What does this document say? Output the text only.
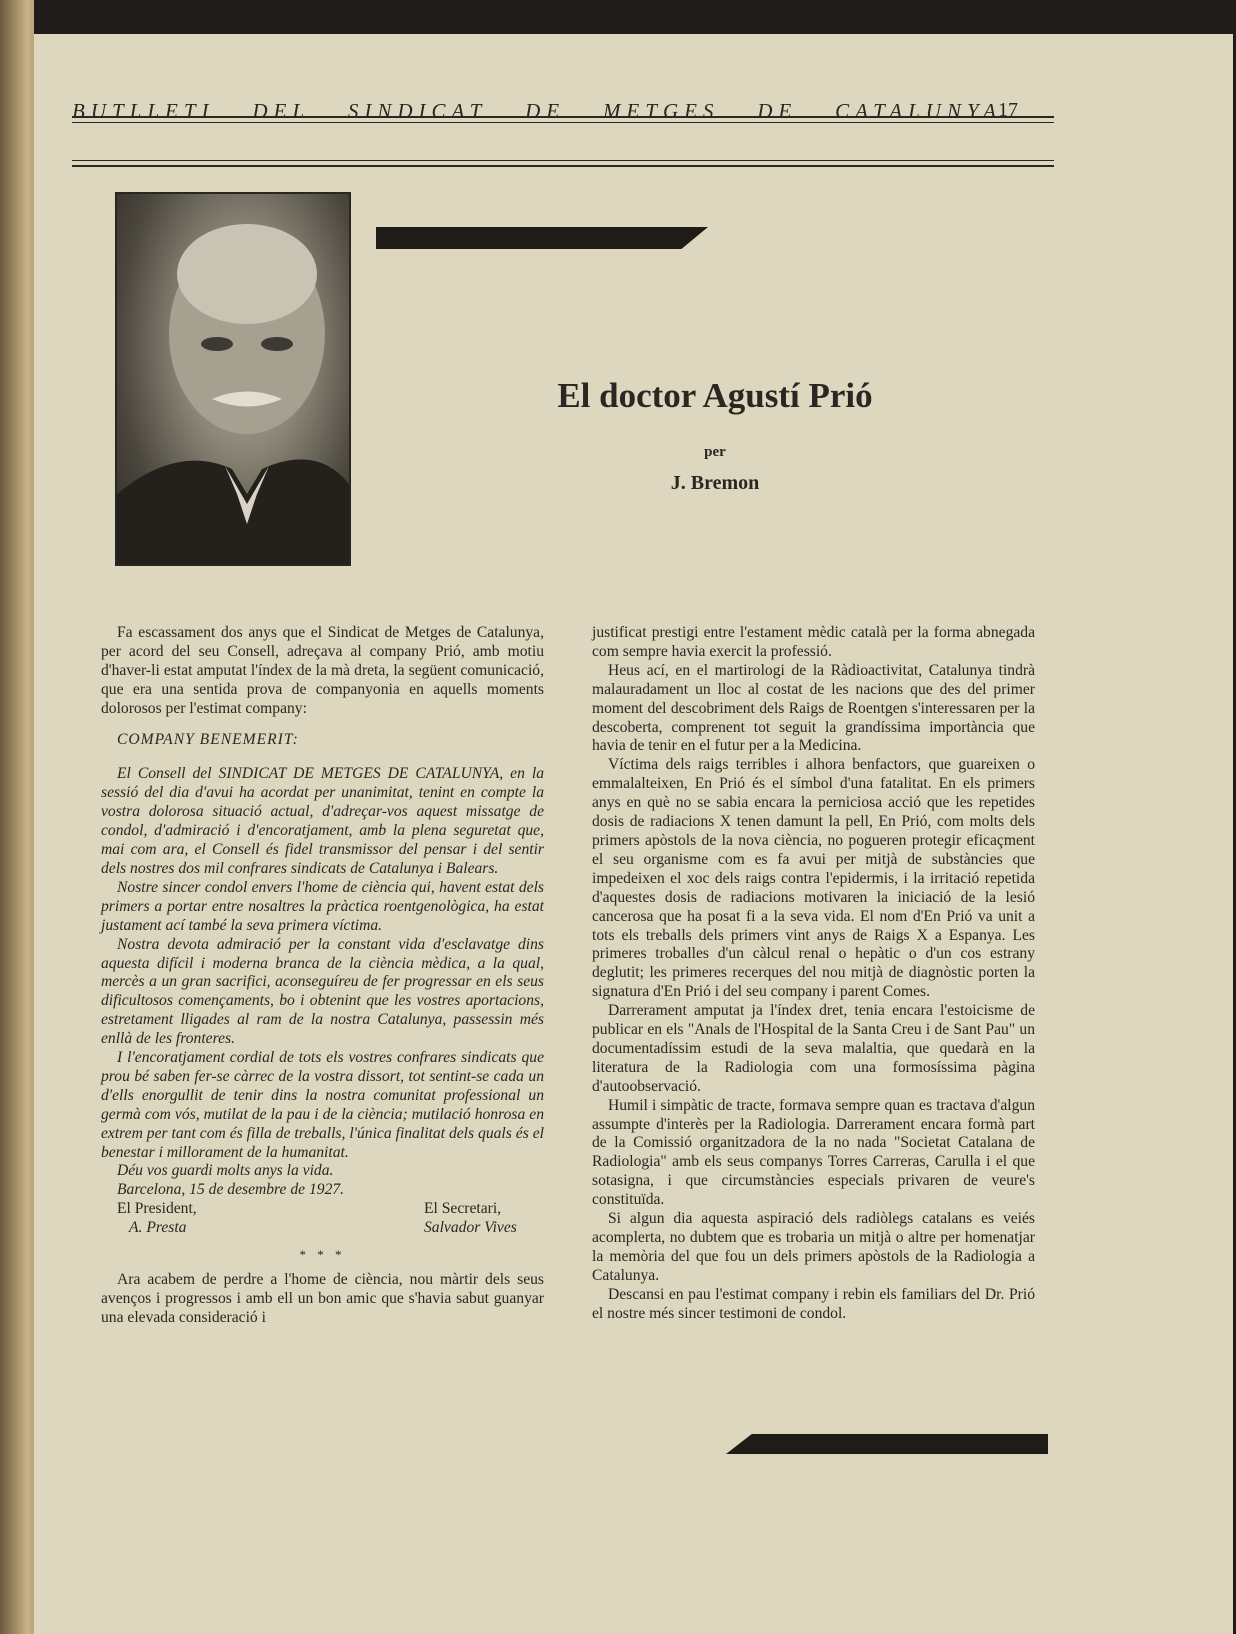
BUTLLETI DEL SINDICAT DE METGES DE CATALUNYA
17
El doctor Agustí Prió
per
J. Bremon

Fa escassament dos anys que el Sindicat de Metges de Catalunya, per acord del seu Consell, adreçava al company Prió, amb motiu d'haver-li estat amputat l'índex de la mà dreta, la següent comunicació, que era una sentida prova de companyonia en aquells moments dolorosos per l'estimat company:

COMPANY BENEMERIT:

El Consell del SINDICAT DE METGES DE CATALUNYA, en la sessió del dia d'avui ha acordat per unanimitat, tenint en compte la vostra dolorosa situació actual, d'adreçar-vos aquest missatge de condol, d'admiració i d'encoratjament, amb la plena seguretat que, mai com ara, el Consell és fidel transmissor del pensar i del sentir dels nostres dos mil confrares sindicats de Catalunya i Balears.

Nostre sincer condol envers l'home de ciència qui, havent estat dels primers a portar entre nosaltres la pràctica roentgenològica, ha estat justament ací també la seva primera víctima.

Nostra devota admiració per la constant vida d'esclavatge dins aquesta difícil i moderna branca de la ciència mèdica, a la qual, mercès a un gran sacrifici, aconseguíreu de fer progressar en els seus dificultosos començaments, bo i obtenint que les vostres aportacions, estretament lligades al ram de la nostra Catalunya, passessin més enllà de les fronteres.

I l'encoratjament cordial de tots els vostres confrares sindicats que prou bé saben fer-se càrrec de la vostra dissort, tot sentint-se cada un d'ells enorgullit de tenir dins la nostra comunitat professional un germà com vós, mutilat de la pau i de la ciència; mutilació honrosa en extrem per tant com és filla de treballs, l'única finalitat dels quals és el benestar i millorament de la humanitat.

Déu vos guardi molts anys la vida.

Barcelona, 15 de desembre de 1927.

El President,	El Secretari,
A. Presta	Salvador Vives
* * *

Ara acabem de perdre a l'home de ciència, nou màrtir dels seus avenços i progressos i amb ell un bon amic que s'havia sabut guanyar una elevada consideració i

justificat prestigi entre l'estament mèdic català per la forma abnegada com sempre havia exercit la professió.

Heus ací, en el martirologi de la Ràdioactivitat, Catalunya tindrà malauradament un lloc al costat de les nacions que des del primer moment del descobriment dels Raigs de Roentgen s'interessaren per la descoberta, comprenent tot seguit la grandíssima importància que havia de tenir en el futur per a la Medicina.

Víctima dels raigs terribles i alhora benfactors, que guareixen o emmalalteixen, En Prió és el símbol d'una fatalitat. En els primers anys en què no se sabia encara la perniciosa acció que les repetides dosis de radiacions X tenen damunt la pell, En Prió, com molts dels primers apòstols de la nova ciència, no pogueren protegir eficaçment el seu organisme com es fa avui per mitjà de substàncies que impedeixen el xoc dels raigs contra l'epidermis, i la irritació repetida d'aquestes dosis de radiacions motivaren la iniciació de la lesió cancerosa que ha posat fi a la seva vida. El nom d'En Prió va unit a tots els treballs dels primers vint anys de Raigs X a Espanya. Les primeres troballes d'un càlcul renal o hepàtic o d'un cos estrany deglutit; les primeres recerques del nou mitjà de diagnòstic porten la signatura d'En Prió i del seu company i parent Comes.

Darrerament amputat ja l'índex dret, tenia encara l'estoicisme de publicar en els "Anals de l'Hospital de la Santa Creu i de Sant Pau" un documentadíssim estudi de la seva malaltia, que quedarà en la literatura de la Radiologia com una formosíssima pàgina d'autoobservació.

Humil i simpàtic de tracte, formava sempre quan es tractava d'algun assumpte d'interès per la Radiologia. Darrerament encara formà part de la Comissió organitzadora de la no nada "Societat Catalana de Radiologia" amb els seus companys Torres Carreras, Carulla i el que sotasigna, i que circumstàncies especials privaren de veure's constituïda.

Si algun dia aquesta aspiració dels radiòlegs catalans es veiés acomplerta, no dubtem que es trobaria un mitjà o altre per homenatjar la memòria del que fou un dels primers apòstols de la Radiologia a Catalunya.

Descansi en pau l'estimat company i rebin els familiars del Dr. Prió el nostre més sincer testimoni de condol.
